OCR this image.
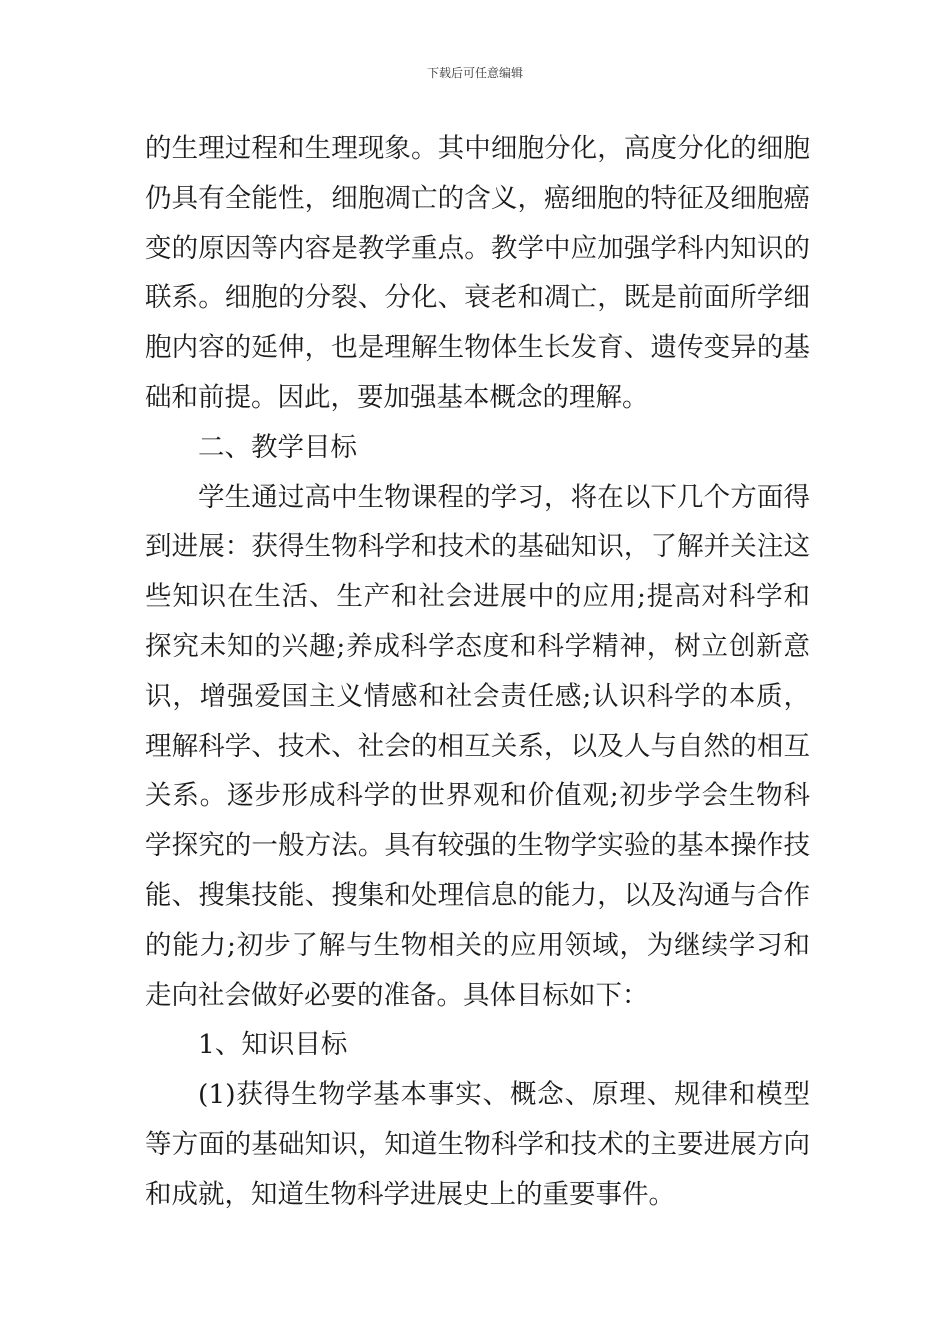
下载后可任意编辑

的生理过程和生理现象。其中细胞分化，高度分化的细胞仍具有全能性，细胞凋亡的含义，癌细胞的特征及细胞癌变的原因等内容是教学重点。教学中应加强学科内知识的联系。细胞的分裂、分化、衰老和凋亡，既是前面所学细胞内容的延伸，也是理解生物体生长发育、遗传变异的基础和前提。因此，要加强基本概念的理解。

二、教学目标

学生通过高中生物课程的学习，将在以下几个方面得到进展：获得生物科学和技术的基础知识，了解并关注这些知识在生活、生产和社会进展中的应用;提高对科学和探究未知的兴趣;养成科学态度和科学精神，树立创新意识，增强爱国主义情感和社会责任感;认识科学的本质，理解科学、技术、社会的相互关系，以及人与自然的相互关系。逐步形成科学的世界观和价值观;初步学会生物科学探究的一般方法。具有较强的生物学实验的基本操作技能、搜集技能、搜集和处理信息的能力，以及沟通与合作的能力;初步了解与生物相关的应用领域，为继续学习和走向社会做好必要的准备。具体目标如下：

1、知识目标

(1)获得生物学基本事实、概念、原理、规律和模型等方面的基础知识，知道生物科学和技术的主要进展方向和成就，知道生物科学进展史上的重要事件。
